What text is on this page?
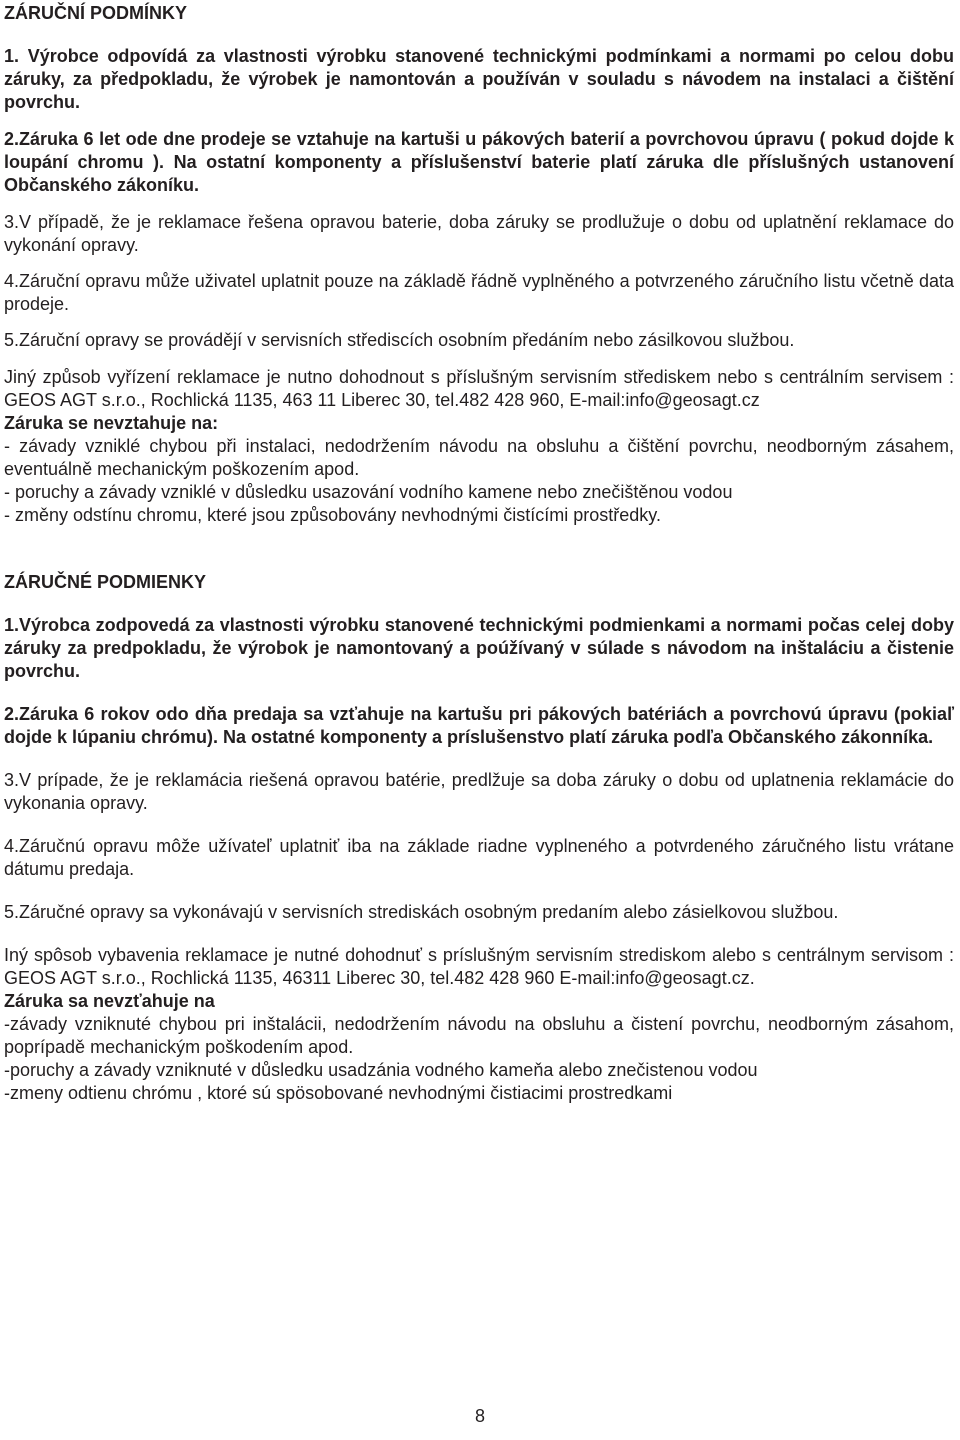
ZÁRUČNÍ PODMÍNKY

1. Výrobce odpovídá za vlastnosti výrobku stanovené technickými podmínkami a normami po celou dobu záruky, za předpokladu, že výrobek je namontován a používán v souladu s návodem na instalaci a čištění povrchu.

2.Záruka 6 let ode dne prodeje se vztahuje na kartuši u pákových baterií a povrchovou úpravu ( pokud dojde k loupání chromu ). Na ostatní komponenty a příslušenství baterie platí záruka dle příslušných ustanovení Občanského zákoníku.

3.V případě, že je reklamace řešena opravou baterie, doba záruky se prodlužuje o dobu od uplatnění reklamace do vykonání opravy.

4.Záruční opravu může uživatel uplatnit pouze na základě řádně vyplněného a potvrzeného záručního listu včetně data prodeje.

5.Záruční opravy se provádějí v servisních střediscích osobním předáním nebo zásilkovou službou.

Jiný způsob vyřízení reklamace je nutno dohodnout s příslušným servisním střediskem nebo s centrálním servisem : GEOS AGT s.r.o., Rochlická 1135, 463 11 Liberec 30, tel.482 428 960, E-mail:info@geosagt.cz

Záruka se nevztahuje na:

- závady vzniklé chybou při instalaci, nedodržením návodu na obsluhu a čištění povrchu, neodborným zásahem, eventuálně mechanickým poškozením apod.

- poruchy a závady vzniklé v důsledku usazování vodního kamene nebo znečištěnou vodou

- změny odstínu chromu, které jsou způsobovány nevhodnými čistícími prostředky.

ZÁRUČNÉ PODMIENKY

1.Výrobca zodpovedá za vlastnosti výrobku stanovené technickými podmienkami a normami počas celej doby záruky za predpokladu, že výrobok je namontovaný a poúžívaný v súlade s návodom na inštaláciu a čistenie povrchu.

2.Záruka 6 rokov odo dňa predaja sa vzťahuje na kartušu pri pákových batériách a povrchovú úpravu (pokiaľ dojde k lúpaniu chrómu). Na ostatné komponenty a príslušenstvo platí záruka podľa Občanského zákonníka.

3.V prípade, že je reklamácia riešená opravou batérie, predlžuje sa doba záruky o dobu od uplatnenia reklamácie do vykonania opravy.

4.Záručnú opravu môže užívateľ uplatniť iba na základe riadne vyplneného a potvrdeného záručného listu vrátane dátumu predaja.

5.Záručné opravy sa vykonávajú v servisních strediskách osobným predaním alebo zásielkovou službou.

Iný spôsob vybavenia reklamace je nutné dohodnuť s príslušným servisním strediskom alebo s centrálnym servisom : GEOS AGT s.r.o., Rochlická 1135, 46311 Liberec 30, tel.482 428 960 E-mail:info@geosagt.cz.

Záruka sa nevzťahuje na

-závady vzniknuté chybou pri inštalácii, nedodržením návodu na obsluhu a čistení povrchu, neodborným zásahom, poprípadě mechanickým poškodením apod.

-poruchy a závady vzniknuté v důsledku usadzánia vodného kameňa alebo znečistenou vodou

-zmeny odtienu chrómu , ktoré sú spösobované nevhodnými čistiacimi prostredkami

8
